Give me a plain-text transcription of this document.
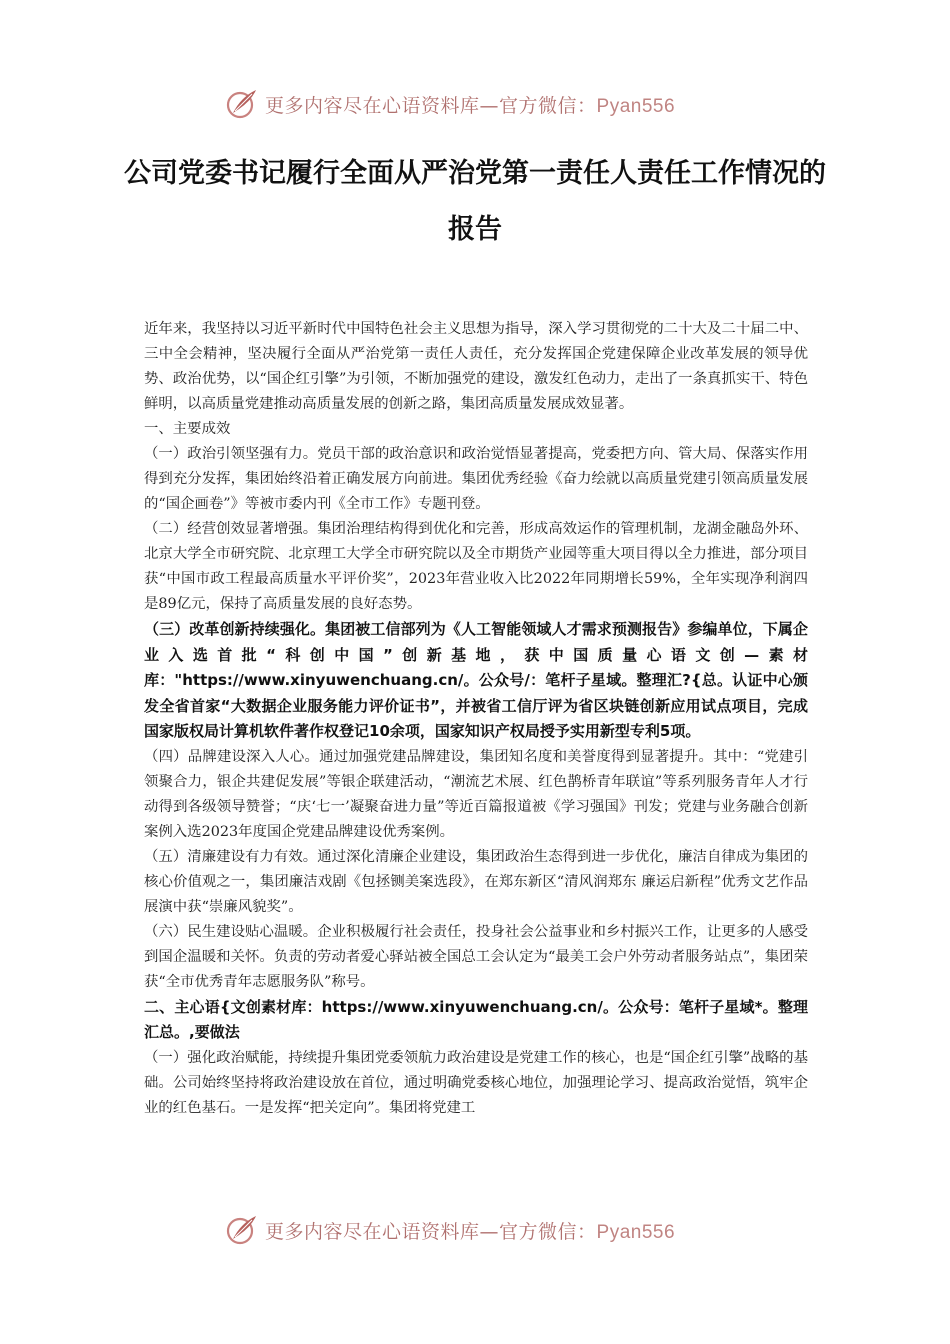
更多内容尽在心语资料库—官方微信：Pyan556
公司党委书记履行全面从严治党第一责任人责任工作情况的报告

近年来，我坚持以习近平新时代中国特色社会主义思想为指导，深入学习贯彻党的二十大及二十届二中、三中全会精神，坚决履行全面从严治党第一责任人责任，充分发挥国企党建保障企业改革发展的领导优势、政治优势，以“国企红引擎”为引领，不断加强党的建设，激发红色动力，走出了一条真抓实干、特色鲜明，以高质量党建推动高质量发展的创新之路，集团高质量发展成效显著。

一、主要成效

（一）政治引领坚强有力。党员干部的政治意识和政治觉悟显著提高，党委把方向、管大局、保落实作用得到充分发挥，集团始终沿着正确发展方向前进。集团优秀经验《奋力绘就以高质量党建引领高质量发展的“国企画卷”》等被市委内刊《全市工作》专题刊登。

（二）经营创效显著增强。集团治理结构得到优化和完善，形成高效运作的管理机制，龙湖金融岛外环、北京大学全市研究院、北京理工大学全市研究院以及全市期货产业园等重大项目得以全力推进，部分项目获“中国市政工程最高质量水平评价奖”，2023年营业收入比2022年同期增长59%，全年实现净利润四是89亿元，保持了高质量发展的良好态势。

（三）改革创新持续强化。集团被工信部列为《人工智能领域人才需求预测报告》参编单位，下属企业入选首批“科创中国”创新基地，获中国质量心语文创—素材库："https://www.xinyuwenchuang.cn/。公众号/：笔杆子星域。整理汇?{总。认证中心颁发全省首家“大数据企业服务能力评价证书”，并被省工信厅评为省区块链创新应用试点项目，完成国家版权局计算机软件著作权登记10余项，国家知识产权局授予实用新型专利5项。

（四）品牌建设深入人心。通过加强党建品牌建设，集团知名度和美誉度得到显著提升。其中：“党建引领聚合力，银企共建促发展”等银企联建活动，“潮流艺术展、红色鹊桥青年联谊”等系列服务青年人才行动得到各级领导赞誉；“庆‘七一’凝聚奋进力量”等近百篇报道被《学习强国》刊发；党建与业务融合创新案例入选2023年度国企党建品牌建设优秀案例。

（五）清廉建设有力有效。通过深化清廉企业建设，集团政治生态得到进一步优化，廉洁自律成为集团的核心价值观之一，集团廉洁戏剧《包拯铡美案选段》，在郑东新区“清风润郑东 廉运启新程”优秀文艺作品展演中获“崇廉风貌奖”。

（六）民生建设贴心温暖。企业积极履行社会责任，投身社会公益事业和乡村振兴工作，让更多的人感受到国企温暖和关怀。负责的劳动者爱心驿站被全国总工会认定为“最美工会户外劳动者服务站点”，集团荣获“全市优秀青年志愿服务队”称号。

二、主心语{文创素材库：https://www.xinyuwenchuang.cn/。公众号：笔杆子星域*。整理汇总。,要做法

（一）强化政治赋能，持续提升集团党委领航力政治建设是党建工作的核心，也是“国企红引擎”战略的基础。公司始终坚持将政治建设放在首位，通过明确党委核心地位，加强理论学习、提高政治觉悟，筑牢企业的红色基石。一是发挥“把关定向”。集团将党建工

更多内容尽在心语资料库—官方微信：Pyan556
